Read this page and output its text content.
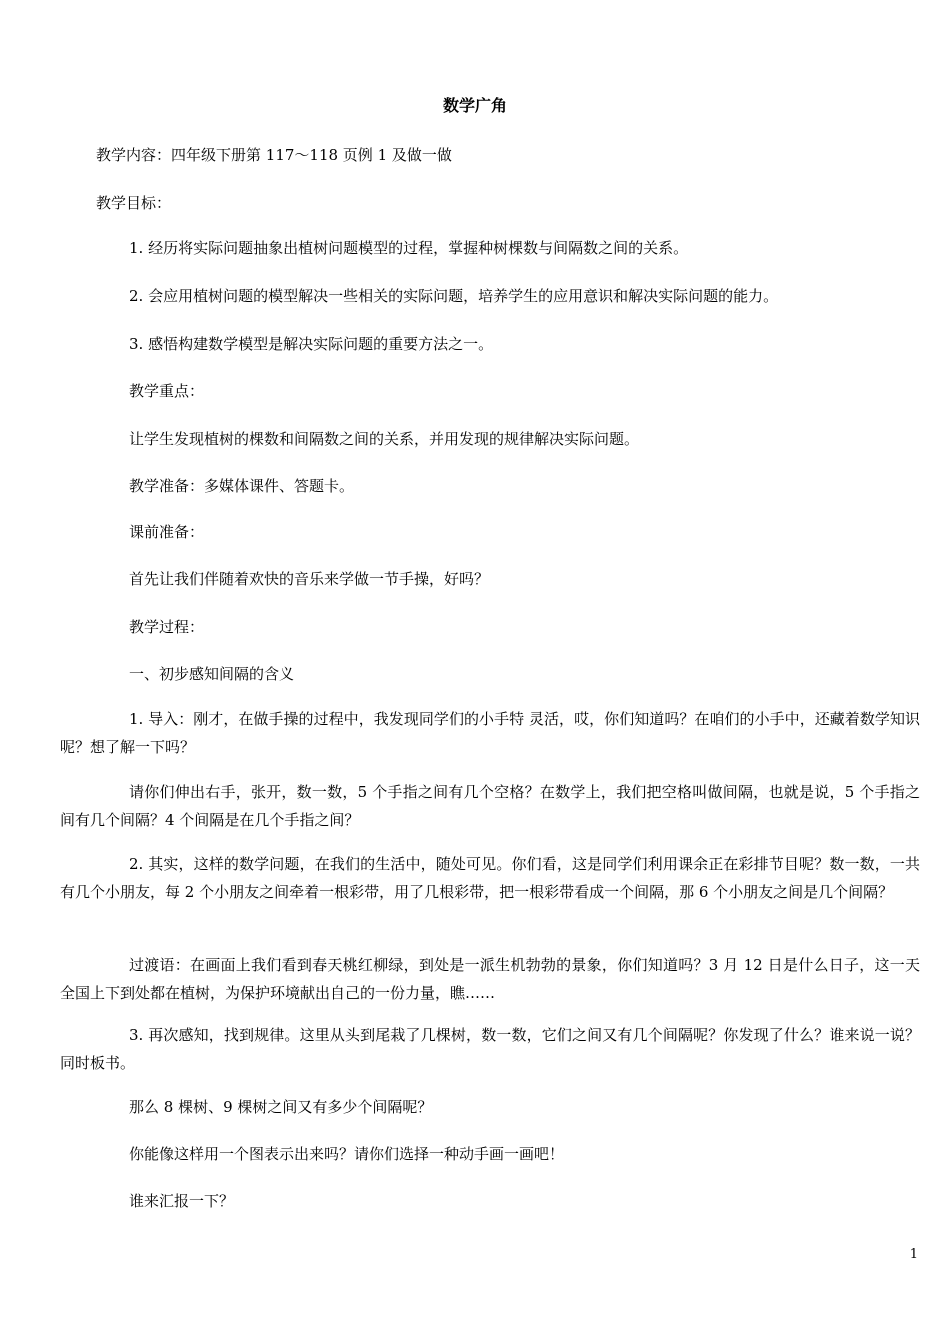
数学广角
教学内容：四年级下册第 117～118 页例 1 及做一做
教学目标：
1. 经历将实际问题抽象出植树问题模型的过程，掌握种树棵数与间隔数之间的关系。
2. 会应用植树问题的模型解决一些相关的实际问题，培养学生的应用意识和解决实际问题的能力。
3. 感悟构建数学模型是解决实际问题的重要方法之一。
教学重点：
让学生发现植树的棵数和间隔数之间的关系，并用发现的规律解决实际问题。
教学准备：多媒体课件、答题卡。
课前准备：
首先让我们伴随着欢快的音乐来学做一节手操，好吗？
教学过程：
一、初步感知间隔的含义
1. 导入：刚才，在做手操的过程中，我发现同学们的小手特 灵活，哎，你们知道吗？在咱们的小手中，还藏着数学知识呢？想了解一下吗？
请你们伸出右手，张开，数一数，5 个手指之间有几个空格？在数学上，我们把空格叫做间隔，也就是说，5 个手指之间有几个间隔？4 个间隔是在几个手指之间？
2. 其实，这样的数学问题，在我们的生活中，随处可见。你们看，这是同学们利用课余正在彩排节目呢？数一数，一共有几个小朋友，每 2 个小朋友之间牵着一根彩带，用了几根彩带，把一根彩带看成一个间隔，那 6 个小朋友之间是几个间隔？
过渡语：在画面上我们看到春天桃红柳绿，到处是一派生机勃勃的景象，你们知道吗？3 月 12 日是什么日子，这一天全国上下到处都在植树，为保护环境献出自己的一份力量，瞧……
3. 再次感知，找到规律。这里从头到尾栽了几棵树，数一数，它们之间又有几个间隔呢？你发现了什么？谁来说一说？同时板书。
那么 8 棵树、9 棵树之间又有多少个间隔呢？
你能像这样用一个图表示出来吗？请你们选择一种动手画一画吧！
谁来汇报一下？
1
